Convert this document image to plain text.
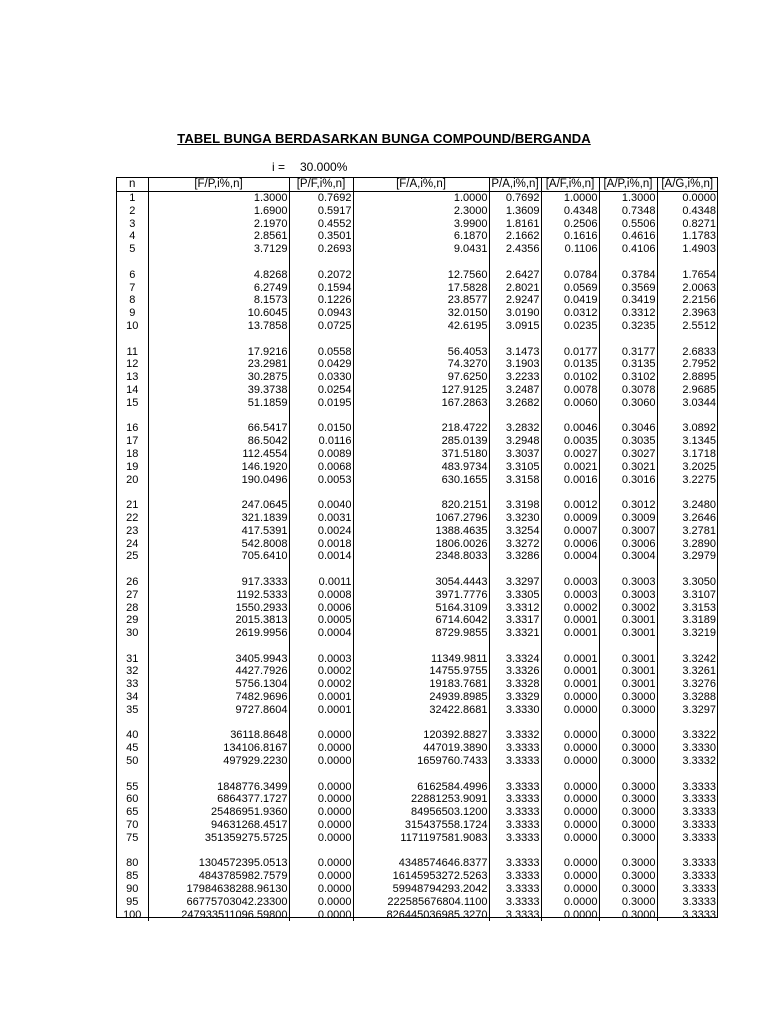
TABEL BUNGA BERDASARKAN BUNGA COMPOUND/BERGANDA
i = 30.000%
n	[F/P,i%,n]	[P/F,i%,n]	[F/A,i%,n]	P/A,i%,n]	[A/F,i%,n]	[A/P,i%,n]	[A/G,i%,n]
1	1.3000	0.7692	1.0000	0.7692	1.0000	1.3000	0.0000
2	1.6900	0.5917	2.3000	1.3609	0.4348	0.7348	0.4348
3	2.1970	0.4552	3.9900	1.8161	0.2506	0.5506	0.8271
4	2.8561	0.3501	6.1870	2.1662	0.1616	0.4616	1.1783
5	3.7129	0.2693	9.0431	2.4356	0.1106	0.4106	1.4903

6	4.8268	0.2072	12.7560	2.6427	0.0784	0.3784	1.7654
7	6.2749	0.1594	17.5828	2.8021	0.0569	0.3569	2.0063
8	8.1573	0.1226	23.8577	2.9247	0.0419	0.3419	2.2156
9	10.6045	0.0943	32.0150	3.0190	0.0312	0.3312	2.3963
10	13.7858	0.0725	42.6195	3.0915	0.0235	0.3235	2.5512

11	17.9216	0.0558	56.4053	3.1473	0.0177	0.3177	2.6833
12	23.2981	0.0429	74.3270	3.1903	0.0135	0.3135	2.7952
13	30.2875	0.0330	97.6250	3.2233	0.0102	0.3102	2.8895
14	39.3738	0.0254	127.9125	3.2487	0.0078	0.3078	2.9685
15	51.1859	0.0195	167.2863	3.2682	0.0060	0.3060	3.0344

16	66.5417	0.0150	218.4722	3.2832	0.0046	0.3046	3.0892
17	86.5042	0.0116	285.0139	3.2948	0.0035	0.3035	3.1345
18	112.4554	0.0089	371.5180	3.3037	0.0027	0.3027	3.1718
19	146.1920	0.0068	483.9734	3.3105	0.0021	0.3021	3.2025
20	190.0496	0.0053	630.1655	3.3158	0.0016	0.3016	3.2275

21	247.0645	0.0040	820.2151	3.3198	0.0012	0.3012	3.2480
22	321.1839	0.0031	1067.2796	3.3230	0.0009	0.3009	3.2646
23	417.5391	0.0024	1388.4635	3.3254	0.0007	0.3007	3.2781
24	542.8008	0.0018	1806.0026	3.3272	0.0006	0.3006	3.2890
25	705.6410	0.0014	2348.8033	3.3286	0.0004	0.3004	3.2979

26	917.3333	0.0011	3054.4443	3.3297	0.0003	0.3003	3.3050
27	1192.5333	0.0008	3971.7776	3.3305	0.0003	0.3003	3.3107
28	1550.2933	0.0006	5164.3109	3.3312	0.0002	0.3002	3.3153
29	2015.3813	0.0005	6714.6042	3.3317	0.0001	0.3001	3.3189
30	2619.9956	0.0004	8729.9855	3.3321	0.0001	0.3001	3.3219

31	3405.9943	0.0003	11349.9811	3.3324	0.0001	0.3001	3.3242
32	4427.7926	0.0002	14755.9755	3.3326	0.0001	0.3001	3.3261
33	5756.1304	0.0002	19183.7681	3.3328	0.0001	0.3001	3.3276
34	7482.9696	0.0001	24939.8985	3.3329	0.0000	0.3000	3.3288
35	9727.8604	0.0001	32422.8681	3.3330	0.0000	0.3000	3.3297

40	36118.8648	0.0000	120392.8827	3.3332	0.0000	0.3000	3.3322
45	134106.8167	0.0000	447019.3890	3.3333	0.0000	0.3000	3.3330
50	497929.2230	0.0000	1659760.7433	3.3333	0.0000	0.3000	3.3332

55	1848776.3499	0.0000	6162584.4996	3.3333	0.0000	0.3000	3.3333
60	6864377.1727	0.0000	22881253.9091	3.3333	0.0000	0.3000	3.3333
65	25486951.9360	0.0000	84956503.1200	3.3333	0.0000	0.3000	3.3333
70	94631268.4517	0.0000	315437558.1724	3.3333	0.0000	0.3000	3.3333
75	351359275.5725	0.0000	1171197581.9083	3.3333	0.0000	0.3000	3.3333

80	1304572395.0513	0.0000	4348574646.8377	3.3333	0.0000	0.3000	3.3333
85	4843785982.7579	0.0000	16145953272.5263	3.3333	0.0000	0.3000	3.3333
90	17984638288.96130	0.0000	59948794293.2042	3.3333	0.0000	0.3000	3.3333
95	66775703042.23300	0.0000	222585676804.1100	3.3333	0.0000	0.3000	3.3333
100	247933511096.59800	0.0000	826445036985.3270	3.3333	0.0000	0.3000	3.3333
